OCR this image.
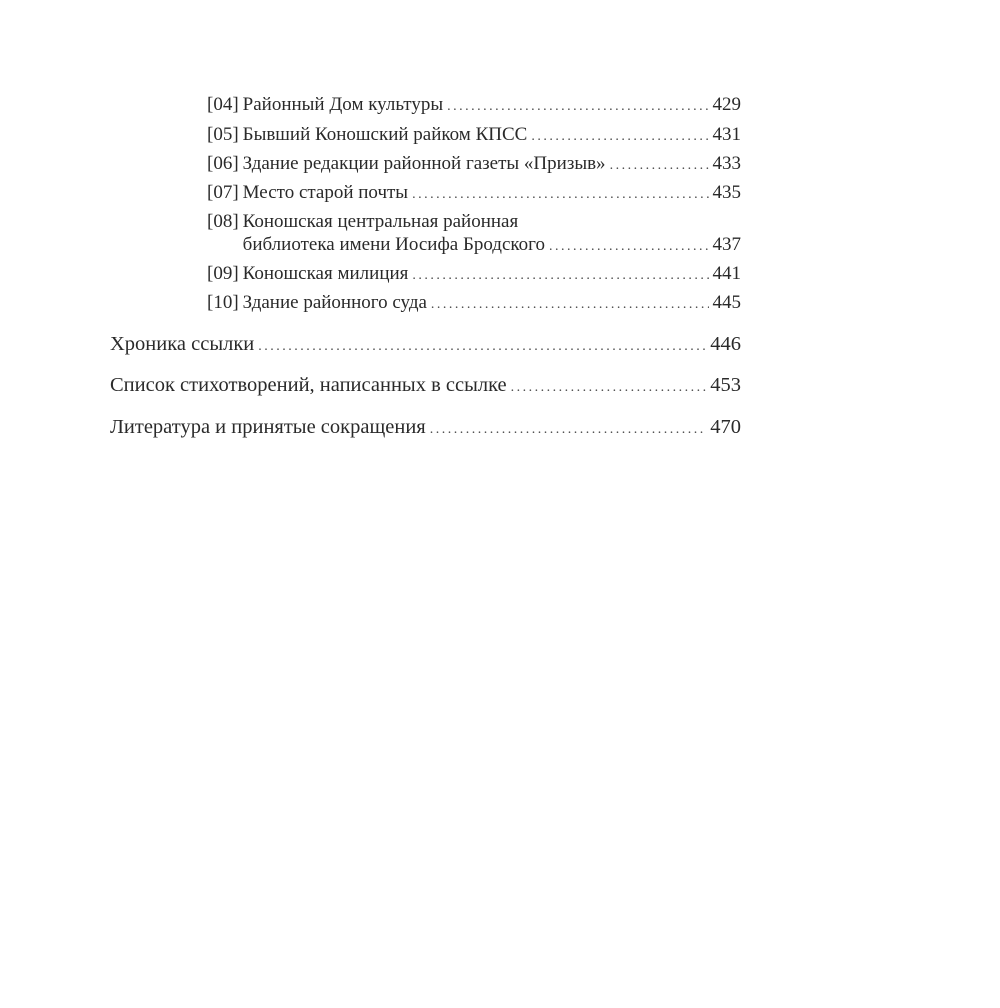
[04] Районный Дом культуры . . .	429
[05] Бывший Коношский райком КПСС . . .	431
[06] Здание редакции районной газеты «Призыв» . . .	433
[07] Место старой почты . . .	435
[08] Коношская центральная районная
библиотека имени Иосифа Бродского . . .	437
[09] Коношская милиция . . .	441
[10] Здание районного суда . . .	445
Хроника ссылки . . .	446
Список стихотворений, написанных в ссылке . . .	453
Литература и принятые сокращения . . .	470
